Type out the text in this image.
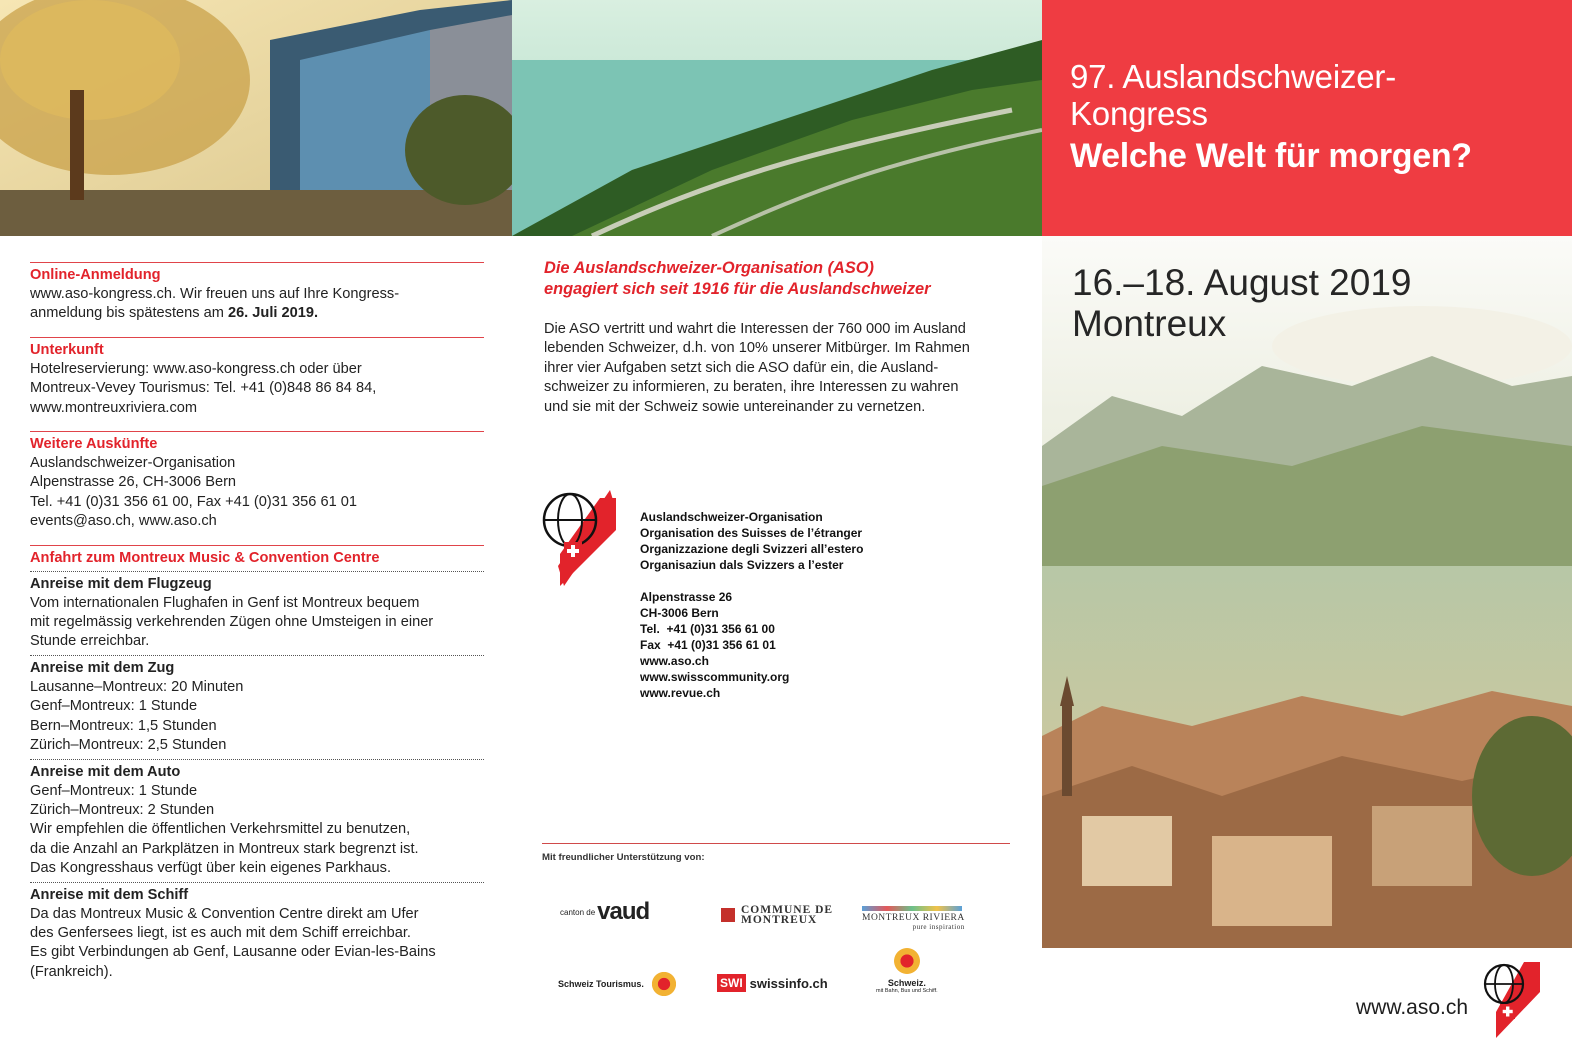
97. Auslandschweizer-
Kongress
Welche Welt für morgen?
16.–18. August 2019
Montreux
Online-Anmeldung
www.aso-kongress.ch. Wir freuen uns auf Ihre Kongress-
anmeldung bis spätestens am 26. Juli 2019.
Unterkunft
Hotelreservierung: www.aso-kongress.ch oder über
Montreux-Vevey Tourismus: Tel. +41 (0)848 86 84 84,
www.montreuxriviera.com
Weitere Auskünfte
Auslandschweizer-Organisation
Alpenstrasse 26, CH-3006 Bern
Tel. +41 (0)31 356 61 00, Fax +41 (0)31 356 61 01
events@aso.ch, www.aso.ch
Anfahrt zum Montreux Music & Convention Centre
Anreise mit dem Flugzeug
Vom internationalen Flughafen in Genf ist Montreux bequem
mit regelmässig verkehrenden Zügen ohne Umsteigen in einer
Stunde erreichbar.
Anreise mit dem Zug
Lausanne–Montreux: 20 Minuten
Genf–Montreux: 1 Stunde
Bern–Montreux: 1,5 Stunden
Zürich–Montreux: 2,5 Stunden
Anreise mit dem Auto
Genf–Montreux: 1 Stunde
Zürich–Montreux: 2 Stunden
Wir empfehlen die öffentlichen Verkehrsmittel zu benutzen,
da die Anzahl an Parkplätzen in Montreux stark begrenzt ist.
Das Kongresshaus verfügt über kein eigenes Parkhaus.
Anreise mit dem Schiff
Da das Montreux Music & Convention Centre direkt am Ufer
des Genfersees liegt, ist es auch mit dem Schiff erreichbar.
Es gibt Verbindungen ab Genf, Lausanne oder Evian-les-Bains
(Frankreich).
Die Auslandschweizer-Organisation (ASO)
engagiert sich seit 1916 für die Auslandschweizer
Die ASO vertritt und wahrt die Interessen der 760 000 im Ausland
lebenden Schweizer, d.h. von 10% unserer Mitbürger. Im Rahmen
ihrer vier Aufgaben setzt sich die ASO dafür ein, die Ausland-
schweizer zu informieren, zu beraten, ihre Interessen zu wahren
und sie mit der Schweiz sowie untereinander zu vernetzen.
Auslandschweizer-Organisation
Organisation des Suisses de l’étranger
Organizzazione degli Svizzeri all’estero
Organisaziun dals Svizzers a l’ester
Alpenstrasse 26
CH-3006 Bern
Tel.  +41 (0)31 356 61 00
Fax  +41 (0)31 356 61 01
www.aso.ch
www.swisscommunity.org
www.revue.ch
Mit freundlicher Unterstützung von:
canton de vaud	COMMUNE DE
MONTREUX	MONTREUX RIVIERA
pure inspiration
Schweiz Tourismus.	SWI swissinfo.ch	Schweiz.
mit Bahn, Bus und Schiff.
www.aso.ch
